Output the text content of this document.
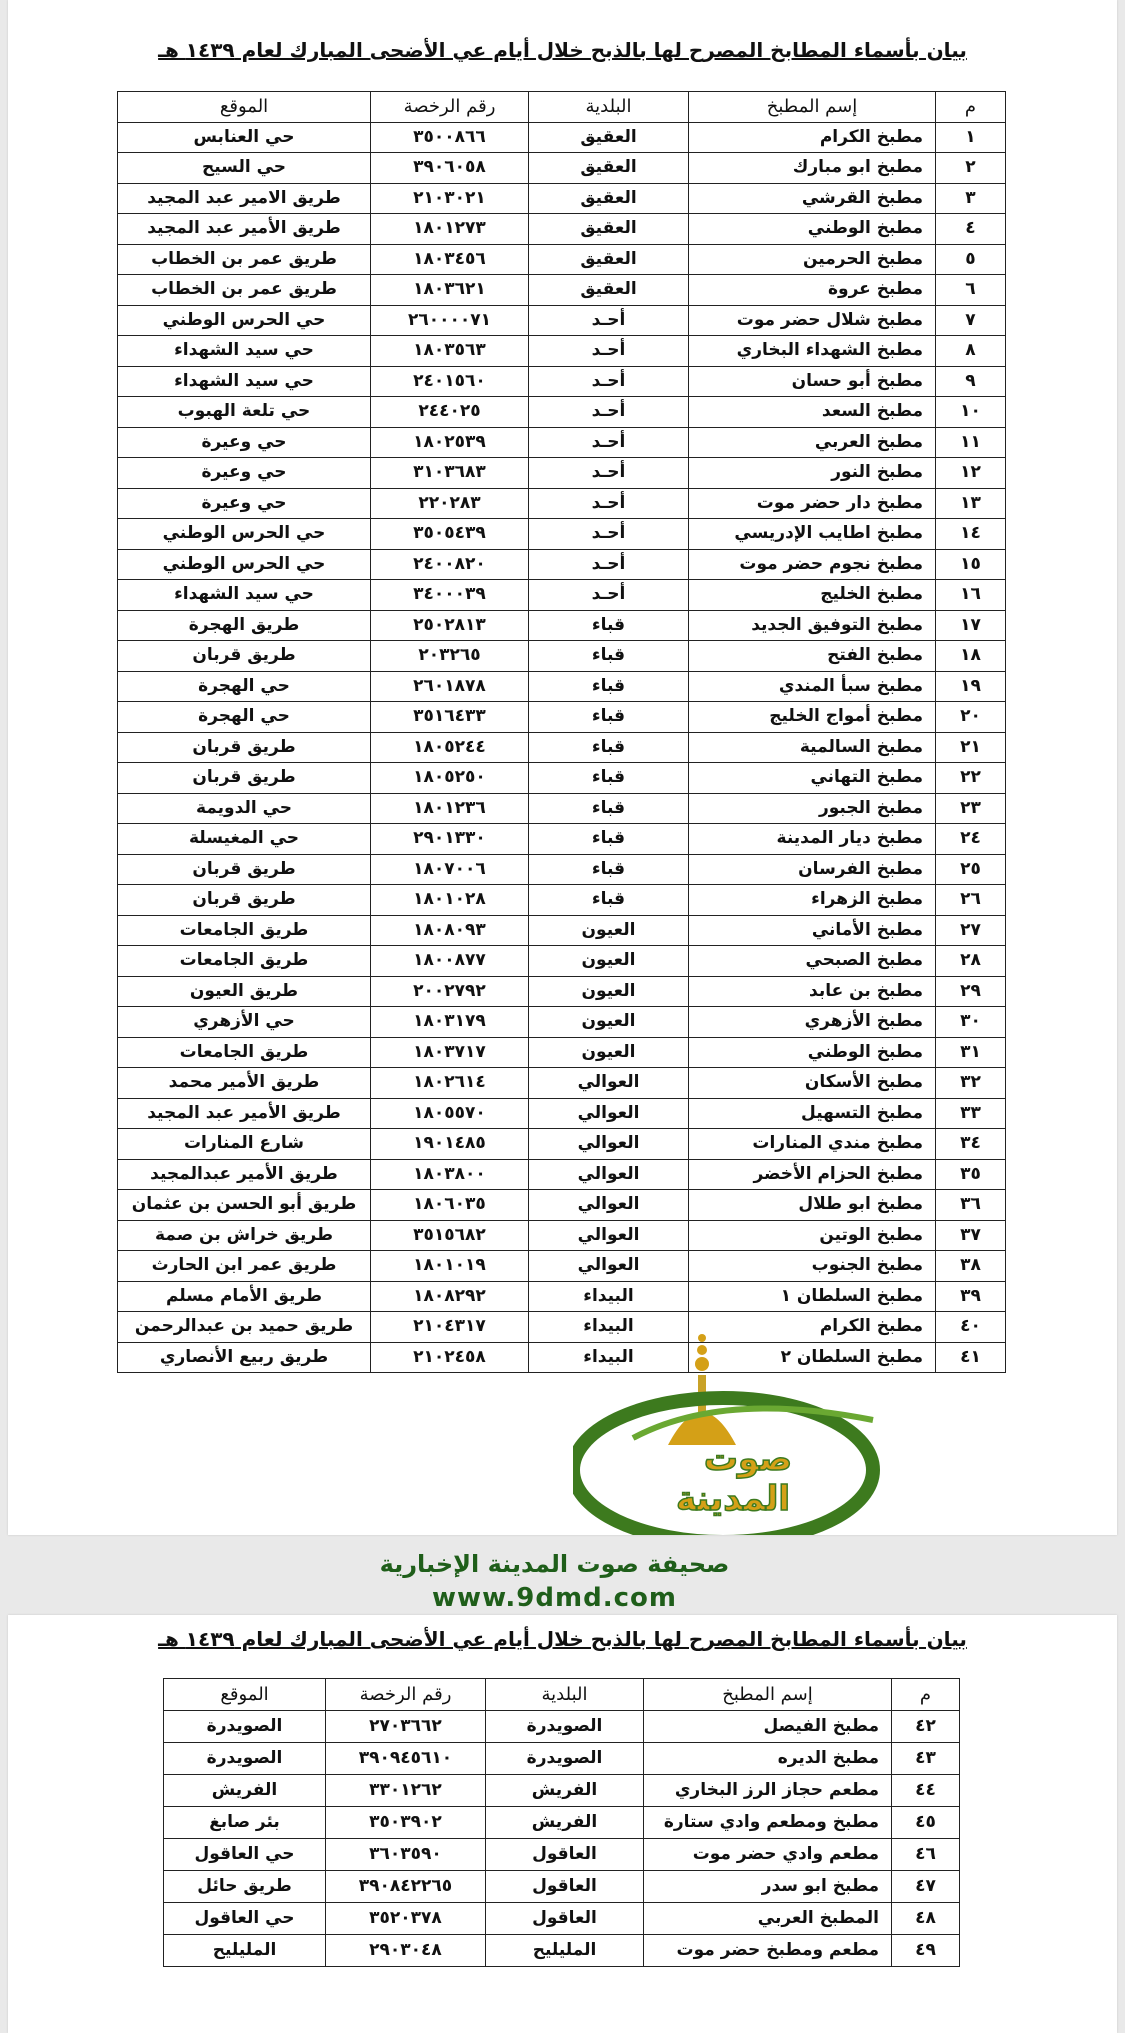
بيان بأسماء المطابخ المصرح لها بالذبح خلال أيام عي الأضحى المبارك لعام ١٤٣٩ هـ
م	إسم المطبخ	البلدية	رقم الرخصة	الموقع
١	مطبخ الكرام	العقيق	٣٥٠٠٨٦٦	حي العنابس
٢	مطبخ ابو مبارك	العقيق	٣٩٠٦٠٥٨	حي السيح
٣	مطبخ القرشي	العقيق	٢١٠٣٠٢١	طريق الامير عبد المجيد
٤	مطبخ الوطني	العقيق	١٨٠١٢٧٣	طريق الأمير عبد المجيد
٥	مطبخ الحرمين	العقيق	١٨٠٣٤٥٦	طريق عمر بن الخطاب
٦	مطبخ عروة	العقيق	١٨٠٣٦٢١	طريق عمر بن الخطاب
٧	مطبخ شلال حضر موت	أحـد	٢٦٠٠٠٠٧١	حي الحرس الوطني
٨	مطبخ الشهداء البخاري	أحـد	١٨٠٣٥٦٣	حي سيد الشهداء
٩	مطبخ أبو حسان	أحـد	٢٤٠١٥٦٠	حي سيد الشهداء
١٠	مطبخ السعد	أحـد	٢٤٤٠٢٥	حي تلعة الهبوب
١١	مطبخ العربي	أحـد	١٨٠٢٥٣٩	حي وعيرة
١٢	مطبخ النور	أحـد	٣١٠٣٦٨٣	حي وعيرة
١٣	مطبخ دار حضر موت	أحـد	٢٢٠٢٨٣	حي وعيرة
١٤	مطبخ اطايب الإدريسي	أحـد	٣٥٠٥٤٣٩	حي الحرس الوطني
١٥	مطبخ نجوم حضر موت	أحـد	٢٤٠٠٨٢٠	حي الحرس الوطني
١٦	مطبخ الخليج	أحـد	٣٤٠٠٠٣٩	حي سيد الشهداء
١٧	مطبخ التوفيق الجديد	قباء	٢٥٠٢٨١٣	طريق الهجرة
١٨	مطبخ الفتح	قباء	٢٠٣٢٦٥	طريق قربان
١٩	مطبخ سبأ المندي	قباء	٢٦٠١٨٧٨	حي الهجرة
٢٠	مطبخ أمواج الخليج	قباء	٣٥١٦٤٣٣	حي الهجرة
٢١	مطبخ السالمية	قباء	١٨٠٥٢٤٤	طريق قربان
٢٢	مطبخ التهاني	قباء	١٨٠٥٢٥٠	طريق قربان
٢٣	مطبخ الجبور	قباء	١٨٠١٢٣٦	حي الدويمة
٢٤	مطبخ ديار المدينة	قباء	٢٩٠١٣٣٠	حي المغيسلة
٢٥	مطبخ الفرسان	قباء	١٨٠٧٠٠٦	طريق قربان
٢٦	مطبخ الزهراء	قباء	١٨٠١٠٢٨	طريق قربان
٢٧	مطبخ الأماني	العيون	١٨٠٨٠٩٣	طريق الجامعات
٢٨	مطبخ الصبحي	العيون	١٨٠٠٨٧٧	طريق الجامعات
٢٩	مطبخ بن عابد	العيون	٢٠٠٢٧٩٢	طريق العيون
٣٠	مطبخ الأزهري	العيون	١٨٠٣١٧٩	حي الأزهري
٣١	مطبخ الوطني	العيون	١٨٠٣٧١٧	طريق الجامعات
٣٢	مطبخ الأسكان	العوالي	١٨٠٢٦١٤	طريق الأمير محمد
٣٣	مطبخ التسهيل	العوالي	١٨٠٥٥٧٠	طريق الأمير عبد المجيد
٣٤	مطبخ مندي المنارات	العوالي	١٩٠١٤٨٥	شارع المنارات
٣٥	مطبخ الحزام الأخضر	العوالي	١٨٠٣٨٠٠	طريق الأمير عبدالمجيد
٣٦	مطبخ ابو طلال	العوالي	١٨٠٦٠٣٥	طريق أبو الحسن بن عثمان
٣٧	مطبخ الوتين	العوالي	٣٥١٥٦٨٢	طريق خراش بن صمة
٣٨	مطبخ الجنوب	العوالي	١٨٠١٠١٩	طريق عمر ابن الحارث
٣٩	مطبخ السلطان ١	البيداء	١٨٠٨٢٩٢	طريق الأمام مسلم
٤٠	مطبخ الكرام	البيداء	٢١٠٤٣١٧	طريق حميد بن عبدالرحمن
٤١	مطبخ السلطان ٢	البيداء	٢١٠٢٤٥٨	طريق ربيع الأنصاري
صوت
المدينة
صحيفة صوت المدينة الإخبارية
www.9dmd.com
بيان بأسماء المطابخ المصرح لها بالذبح خلال أيام عي الأضحى المبارك لعام ١٤٣٩ هـ
م	إسم المطبخ	البلدية	رقم الرخصة	الموقع
٤٢	مطبخ الفيصل	الصويدرة	٢٧٠٣٦٦٢	الصويدرة
٤٣	مطبخ الديره	الصويدرة	٣٩٠٩٤٥٦١٠	الصويدرة
٤٤	مطعم حجاز الرز البخاري	الفريش	٣٣٠١٢٦٢	الفريش
٤٥	مطبخ ومطعم وادي ستارة	الفريش	٣٥٠٣٩٠٢	بئر صابغ
٤٦	مطعم وادي حضر موت	العاقول	٣٦٠٣٥٩٠	حي العاقول
٤٧	مطبخ ابو سدر	العاقول	٣٩٠٨٤٢٢٦٥	طريق حائل
٤٨	المطبخ العربي	العاقول	٣٥٢٠٣٧٨	حي العاقول
٤٩	مطعم ومطبخ حضر موت	المليليح	٢٩٠٣٠٤٨	المليليح
